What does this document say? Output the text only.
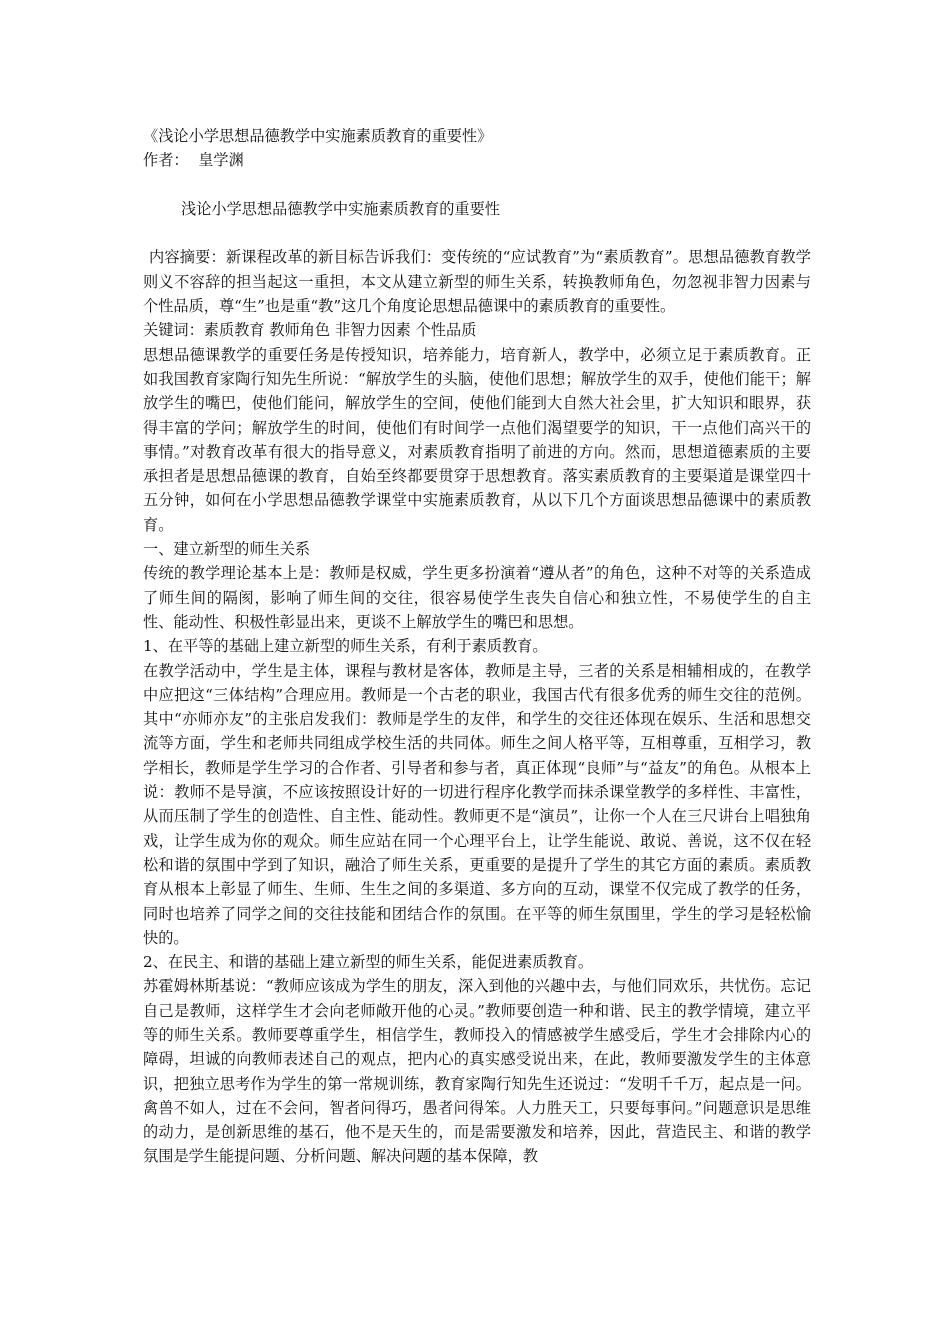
《浅论小学思想品德教学中实施素质教育的重要性》
作者： 皇学渊
浅论小学思想品德教学中实施素质教育的重要性
内容摘要：新课程改革的新目标告诉我们：变传统的“应试教育”为“素质教育”。思想品德教育教学则义不容辞的担当起这一重担，本文从建立新型的师生关系，转换教师角色，勿忽视非智力因素与个性品质，尊“生”也是重“教”这几个角度论思想品德课中的素质教育的重要性。
关键词：素质教育 教师角色 非智力因素 个性品质
思想品德课教学的重要任务是传授知识，培养能力，培育新人，教学中，必须立足于素质教育。正如我国教育家陶行知先生所说：“解放学生的头脑，使他们思想；解放学生的双手，使他们能干；解放学生的嘴巴，使他们能问，解放学生的空间，使他们能到大自然大社会里，扩大知识和眼界，获得丰富的学问；解放学生的时间，使他们有时间学一点他们渴望要学的知识，干一点他们高兴干的事情。”对教育改革有很大的指导意义，对素质教育指明了前进的方向。然而，思想道德素质的主要承担者是思想品德课的教育，自始至终都要贯穿于思想教育。落实素质教育的主要渠道是课堂四十五分钟，如何在小学思想品德教学课堂中实施素质教育，从以下几个方面谈思想品德课中的素质教育。
一、建立新型的师生关系
传统的教学理论基本上是：教师是权威，学生更多扮演着“遵从者”的角色，这种不对等的关系造成了师生间的隔阂，影响了师生间的交往，很容易使学生丧失自信心和独立性，不易使学生的自主性、能动性、积极性彰显出来，更谈不上解放学生的嘴巴和思想。
1、在平等的基础上建立新型的师生关系，有利于素质教育。
在教学活动中，学生是主体，课程与教材是客体，教师是主导，三者的关系是相辅相成的，在教学中应把这“三体结构”合理应用。教师是一个古老的职业，我国古代有很多优秀的师生交往的范例。其中“亦师亦友”的主张启发我们：教师是学生的友伴，和学生的交往还体现在娱乐、生活和思想交流等方面，学生和老师共同组成学校生活的共同体。师生之间人格平等，互相尊重，互相学习，教学相长，教师是学生学习的合作者、引导者和参与者，真正体现“良师”与“益友”的角色。从根本上说：教师不是导演，不应该按照设计好的一切进行程序化教学而抹杀课堂教学的多样性、丰富性，从而压制了学生的创造性、自主性、能动性。教师更不是“演员”，让你一个人在三尺讲台上唱独角戏，让学生成为你的观众。师生应站在同一个心理平台上，让学生能说、敢说、善说，这不仅在轻松和谐的氛围中学到了知识，融洽了师生关系，更重要的是提升了学生的其它方面的素质。素质教育从根本上彰显了师生、生师、生生之间的多渠道、多方向的互动，课堂不仅完成了教学的任务，同时也培养了同学之间的交往技能和团结合作的氛围。在平等的师生氛围里，学生的学习是轻松愉快的。
2、在民主、和谐的基础上建立新型的师生关系，能促进素质教育。
苏霍姆林斯基说：“教师应该成为学生的朋友，深入到他的兴趣中去，与他们同欢乐，共忧伤。忘记自己是教师，这样学生才会向老师敞开他的心灵。”教师要创造一种和谐、民主的教学情境，建立平等的师生关系。教师要尊重学生，相信学生，教师投入的情感被学生感受后，学生才会排除内心的障碍，坦诚的向教师表述自己的观点，把内心的真实感受说出来，在此，教师要激发学生的主体意识，把独立思考作为学生的第一常规训练，教育家陶行知先生还说过：“发明千千万，起点是一问。禽兽不如人，过在不会问，智者问得巧，愚者问得笨。人力胜天工，只要每事问。”问题意识是思维的动力，是创新思维的基石，他不是天生的，而是需要激发和培养，因此，营造民主、和谐的教学氛围是学生能提问题、分析问题、解决问题的基本保障，教
